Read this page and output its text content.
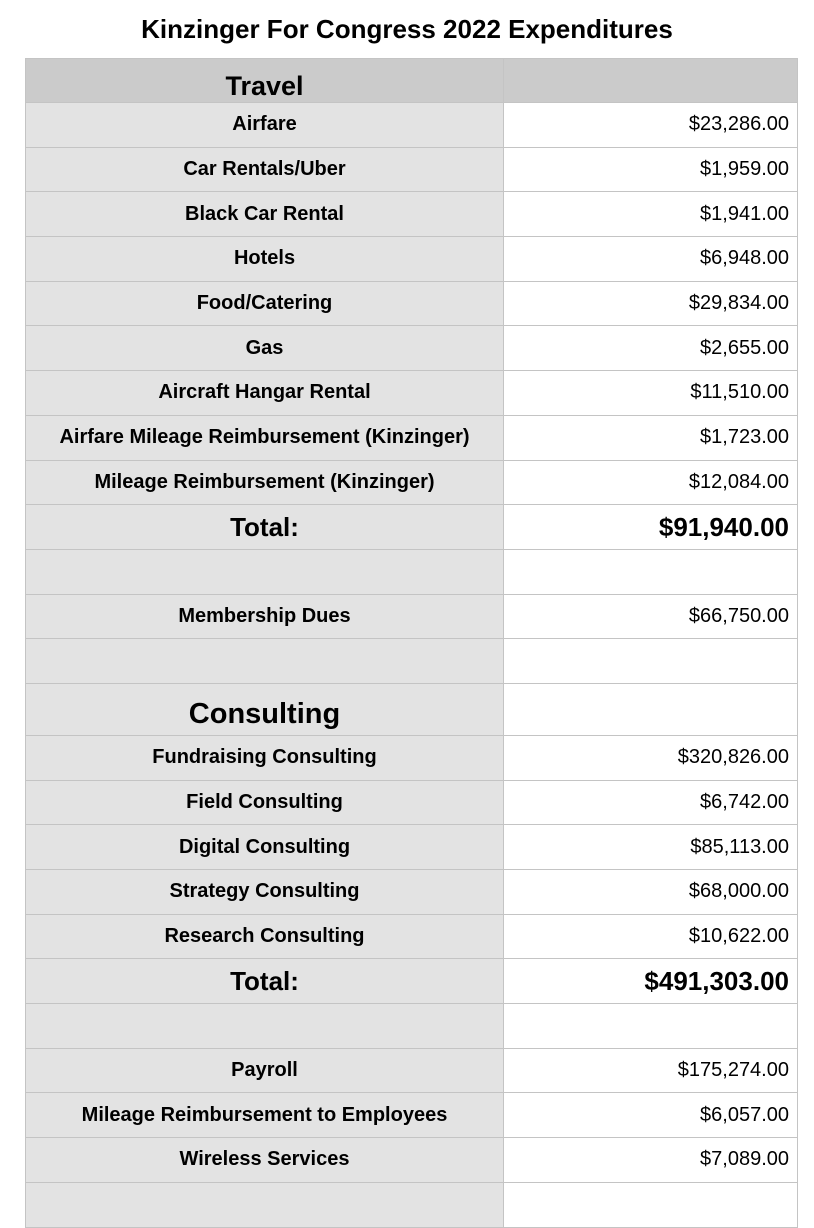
Kinzinger For Congress 2022 Expenditures
Travel	
Airfare	$23,286.00
Car Rentals/Uber	$1,959.00
Black Car Rental	$1,941.00
Hotels	$6,948.00
Food/Catering	$29,834.00
Gas	$2,655.00
Aircraft Hangar Rental	$11,510.00
Airfare Mileage Reimbursement (Kinzinger)	$1,723.00
Mileage Reimbursement (Kinzinger)	$12,084.00
Total:	$91,940.00

Membership Dues	$66,750.00

Consulting	
Fundraising Consulting	$320,826.00
Field Consulting	$6,742.00
Digital Consulting	$85,113.00
Strategy Consulting	$68,000.00
Research Consulting	$10,622.00
Total:	$491,303.00

Payroll	$175,274.00
Mileage Reimbursement to Employees	$6,057.00
Wireless Services	$7,089.00
